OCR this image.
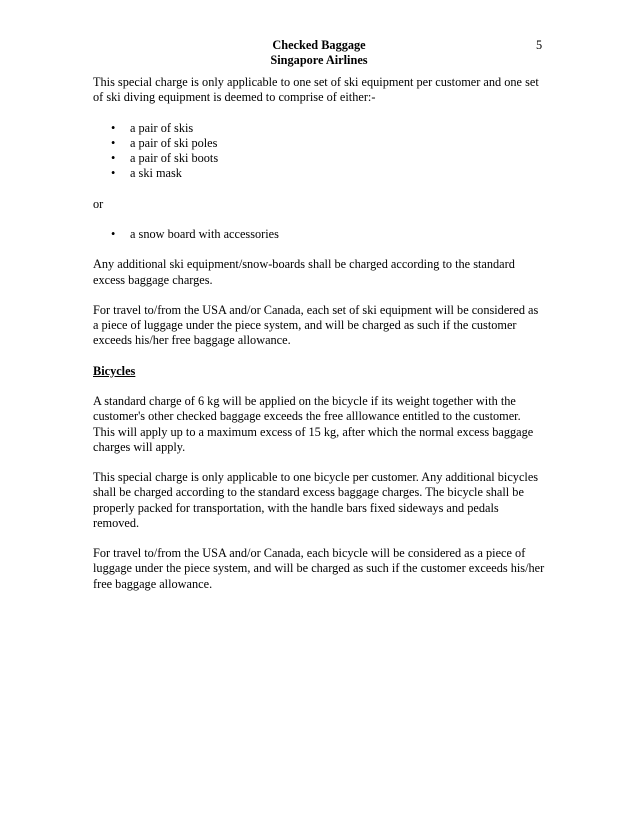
Checked Baggage
Singapore Airlines
5

This special charge is only applicable to one set of ski equipment per customer and one set of ski diving equipment is deemed to comprise of either:-

• a pair of skis
• a pair of ski poles
• a pair of ski boots
• a ski mask

or

• a snow board with accessories

Any additional ski equipment/snow-boards shall be charged according to the standard excess baggage charges.

For travel to/from the USA and/or Canada, each set of ski equipment will be considered as a piece of luggage under the piece system, and will be charged as such if the customer exceeds his/her free baggage allowance.

Bicycles

A standard charge of 6 kg will be applied on the bicycle if its weight together with the customer's other checked baggage exceeds the free alllowance entitled to the customer. This will apply up to a maximum excess of 15 kg, after which the normal excess baggage charges will apply.

This special charge is only applicable to one bicycle per customer. Any additional bicycles shall be charged according to the standard excess baggage charges. The bicycle shall be properly packed for transportation, with the handle bars fixed sideways and pedals removed.

For travel to/from the USA and/or Canada, each bicycle will be considered as a piece of luggage under the piece system, and will be charged as such if the customer exceeds his/her free baggage allowance.
